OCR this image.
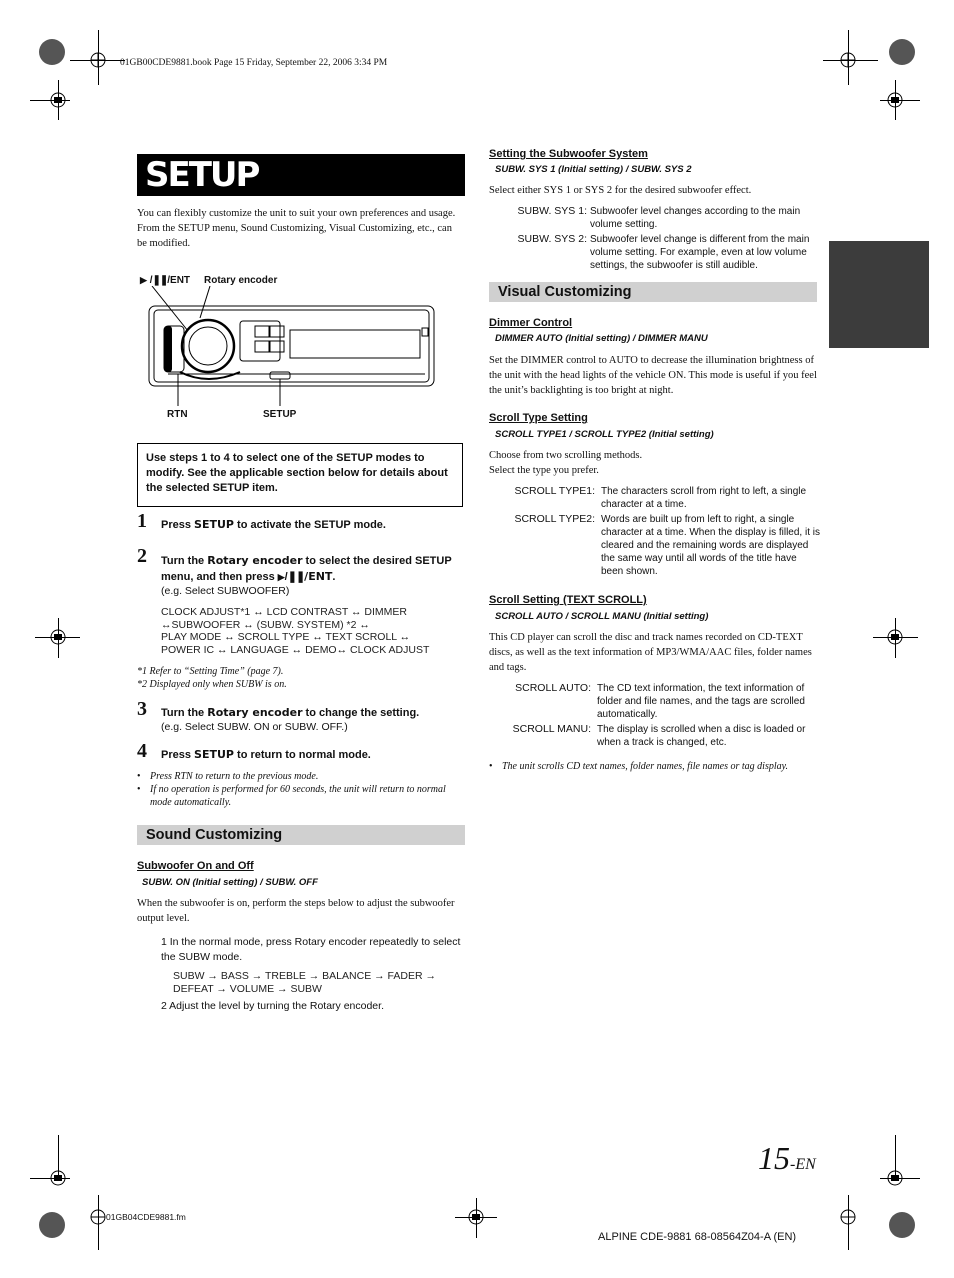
01GB00CDE9881.book Page 15 Friday, September 22, 2006 3:34 PM
SETUP
You can flexibly customize the unit to suit your own preferences and usage. From the SETUP menu, Sound Customizing, Visual Customizing, etc., can be modified.
▶ /❚❚/ENT Rotary encoder
RTN	SETUP
Use steps 1 to 4 to select one of the SETUP modes to modify. See the applicable section below for details about the selected SETUP item.
1 Press SETUP to activate the SETUP mode.
2 Turn the Rotary encoder to select the desired SETUP menu, and then press ▶/❚❚/ENT.
(e.g. Select SUBWOOFER)
CLOCK ADJUST*1 ↔ LCD CONTRAST ↔ DIMMER
↔SUBWOOFER ↔ (SUBW. SYSTEM) *2 ↔
PLAY MODE ↔ SCROLL TYPE ↔ TEXT SCROLL ↔
POWER IC ↔ LANGUAGE ↔ DEMO↔ CLOCK ADJUST
*1 Refer to “Setting Time” (page 7).
*2 Displayed only when SUBW is on.
3 Turn the Rotary encoder to change the setting.
(e.g. Select SUBW. ON or SUBW. OFF.)
4 Press SETUP to return to normal mode.
• Press RTN to return to the previous mode.
• If no operation is performed for 60 seconds, the unit will return to normal mode automatically.
Sound Customizing
Subwoofer On and Off
SUBW. ON (Initial setting) / SUBW. OFF
When the subwoofer is on, perform the steps below to adjust the subwoofer output level.
1 In the normal mode, press Rotary encoder repeatedly to select the SUBW mode.
SUBW → BASS → TREBLE → BALANCE → FADER →
DEFEAT → VOLUME → SUBW
2 Adjust the level by turning the Rotary encoder.
Setting the Subwoofer System
SUBW. SYS 1 (Initial setting) / SUBW. SYS 2
Select either SYS 1 or SYS 2 for the desired subwoofer effect.
SUBW. SYS 1: Subwoofer level changes according to the main volume setting.
SUBW. SYS 2: Subwoofer level change is different from the main volume setting. For example, even at low volume settings, the subwoofer is still audible.
Visual Customizing
Dimmer Control
DIMMER AUTO (Initial setting) / DIMMER MANU
Set the DIMMER control to AUTO to decrease the illumination brightness of the unit with the head lights of the vehicle ON. This mode is useful if you feel the unit’s backlighting is too bright at night.
Scroll Type Setting
SCROLL TYPE1 / SCROLL TYPE2 (Initial setting)
Choose from two scrolling methods.
Select the type you prefer.
SCROLL TYPE1: The characters scroll from right to left, a single character at a time.
SCROLL TYPE2: Words are built up from left to right, a single character at a time. When the display is filled, it is cleared and the remaining words are displayed the same way until all words of the title have been shown.
Scroll Setting (TEXT SCROLL)
SCROLL AUTO / SCROLL MANU (Initial setting)
This CD player can scroll the disc and track names recorded on CD-TEXT discs, as well as the text information of MP3/WMA/AAC files, folder names and tags.
SCROLL AUTO: The CD text information, the text information of folder and file names, and the tags are scrolled automatically.
SCROLL MANU: The display is scrolled when a disc is loaded or when a track is changed, etc.
• The unit scrolls CD text names, folder names, file names or tag display.
15-EN
01GB04CDE9881.fm
ALPINE CDE-9881 68-08564Z04-A (EN)
